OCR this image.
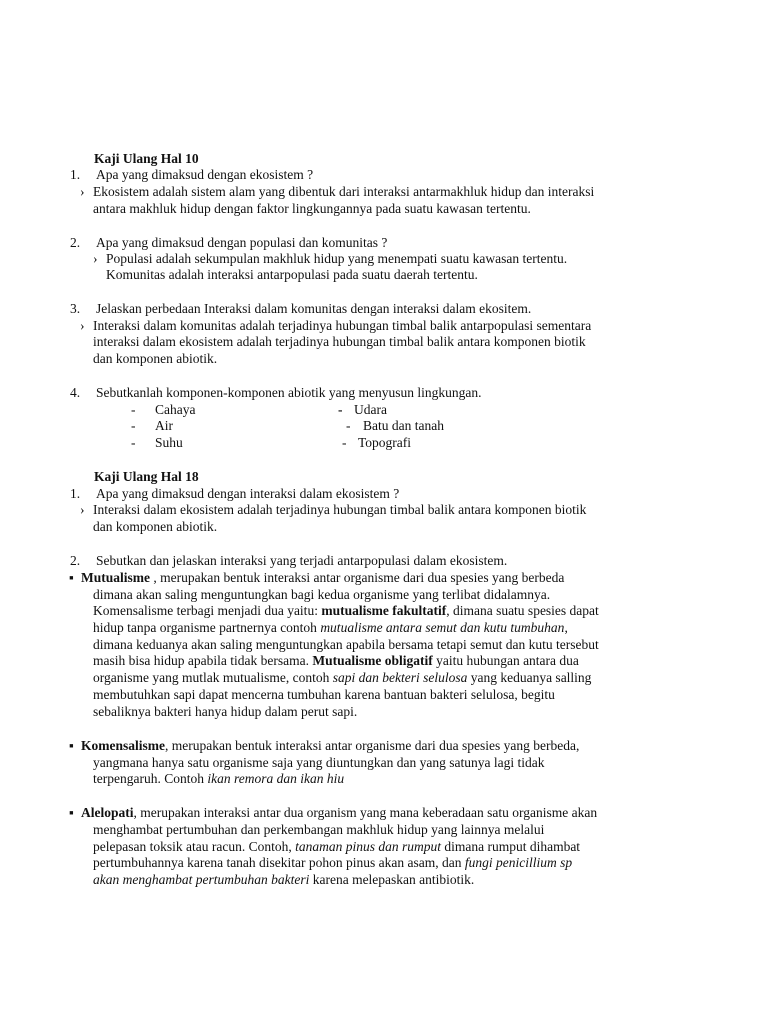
Kaji Ulang Hal 10
1. Apa yang dimaksud dengan ekosistem ?
› Ekosistem adalah sistem alam yang dibentuk dari interaksi antarmakhluk hidup dan interaksi
antara makhluk hidup dengan faktor lingkungannya pada suatu kawasan tertentu.
2. Apa yang dimaksud dengan populasi dan komunitas ?
› Populasi adalah sekumpulan makhluk hidup yang menempati suatu kawasan tertentu.
Komunitas adalah interaksi antarpopulasi pada suatu daerah tertentu.
3. Jelaskan perbedaan Interaksi dalam komunitas dengan interaksi dalam ekositem.
› Interaksi dalam komunitas adalah terjadinya hubungan timbal balik antarpopulasi sementara
interaksi dalam ekosistem adalah terjadinya hubungan timbal balik antara komponen biotik
dan komponen abiotik.
4. Sebutkanlah komponen-komponen abiotik yang menyusun lingkungan.
- Cahaya	- Udara
- Air	- Batu dan tanah
- Suhu	- Topografi
Kaji Ulang Hal 18
1. Apa yang dimaksud dengan interaksi dalam ekosistem ?
› Interaksi dalam ekosistem adalah terjadinya hubungan timbal balik antara komponen biotik
dan komponen abiotik.
2. Sebutkan dan jelaskan interaksi yang terjadi antarpopulasi dalam ekosistem.
▪ Mutualisme , merupakan bentuk interaksi antar organisme dari dua spesies yang berbeda
dimana akan saling menguntungkan bagi kedua organisme yang terlibat didalamnya.
Komensalisme terbagi menjadi dua yaitu: mutualisme fakultatif, dimana suatu spesies dapat
hidup tanpa organisme partnernya contoh mutualisme antara semut dan kutu tumbuhan,
dimana keduanya akan saling menguntungkan apabila bersama tetapi semut dan kutu tersebut
masih bisa hidup apabila tidak bersama. Mutualisme obligatif yaitu hubungan antara dua
organisme yang mutlak mutualisme, contoh sapi dan bekteri selulosa yang keduanya salling
membutuhkan sapi dapat mencerna tumbuhan karena bantuan bakteri selulosa, begitu
sebaliknya bakteri hanya hidup dalam perut sapi.
▪ Komensalisme, merupakan bentuk interaksi antar organisme dari dua spesies yang berbeda,
yangmana hanya satu organisme saja yang diuntungkan dan yang satunya lagi tidak
terpengaruh. Contoh ikan remora dan ikan hiu
▪ Alelopati, merupakan interaksi antar dua organism yang mana keberadaan satu organisme akan
menghambat pertumbuhan dan perkembangan makhluk hidup yang lainnya melalui
pelepasan toksik atau racun. Contoh, tanaman pinus dan rumput dimana rumput dihambat
pertumbuhannya karena tanah disekitar pohon pinus akan asam, dan fungi penicillium sp
akan menghambat pertumbuhan bakteri karena melepaskan antibiotik.
